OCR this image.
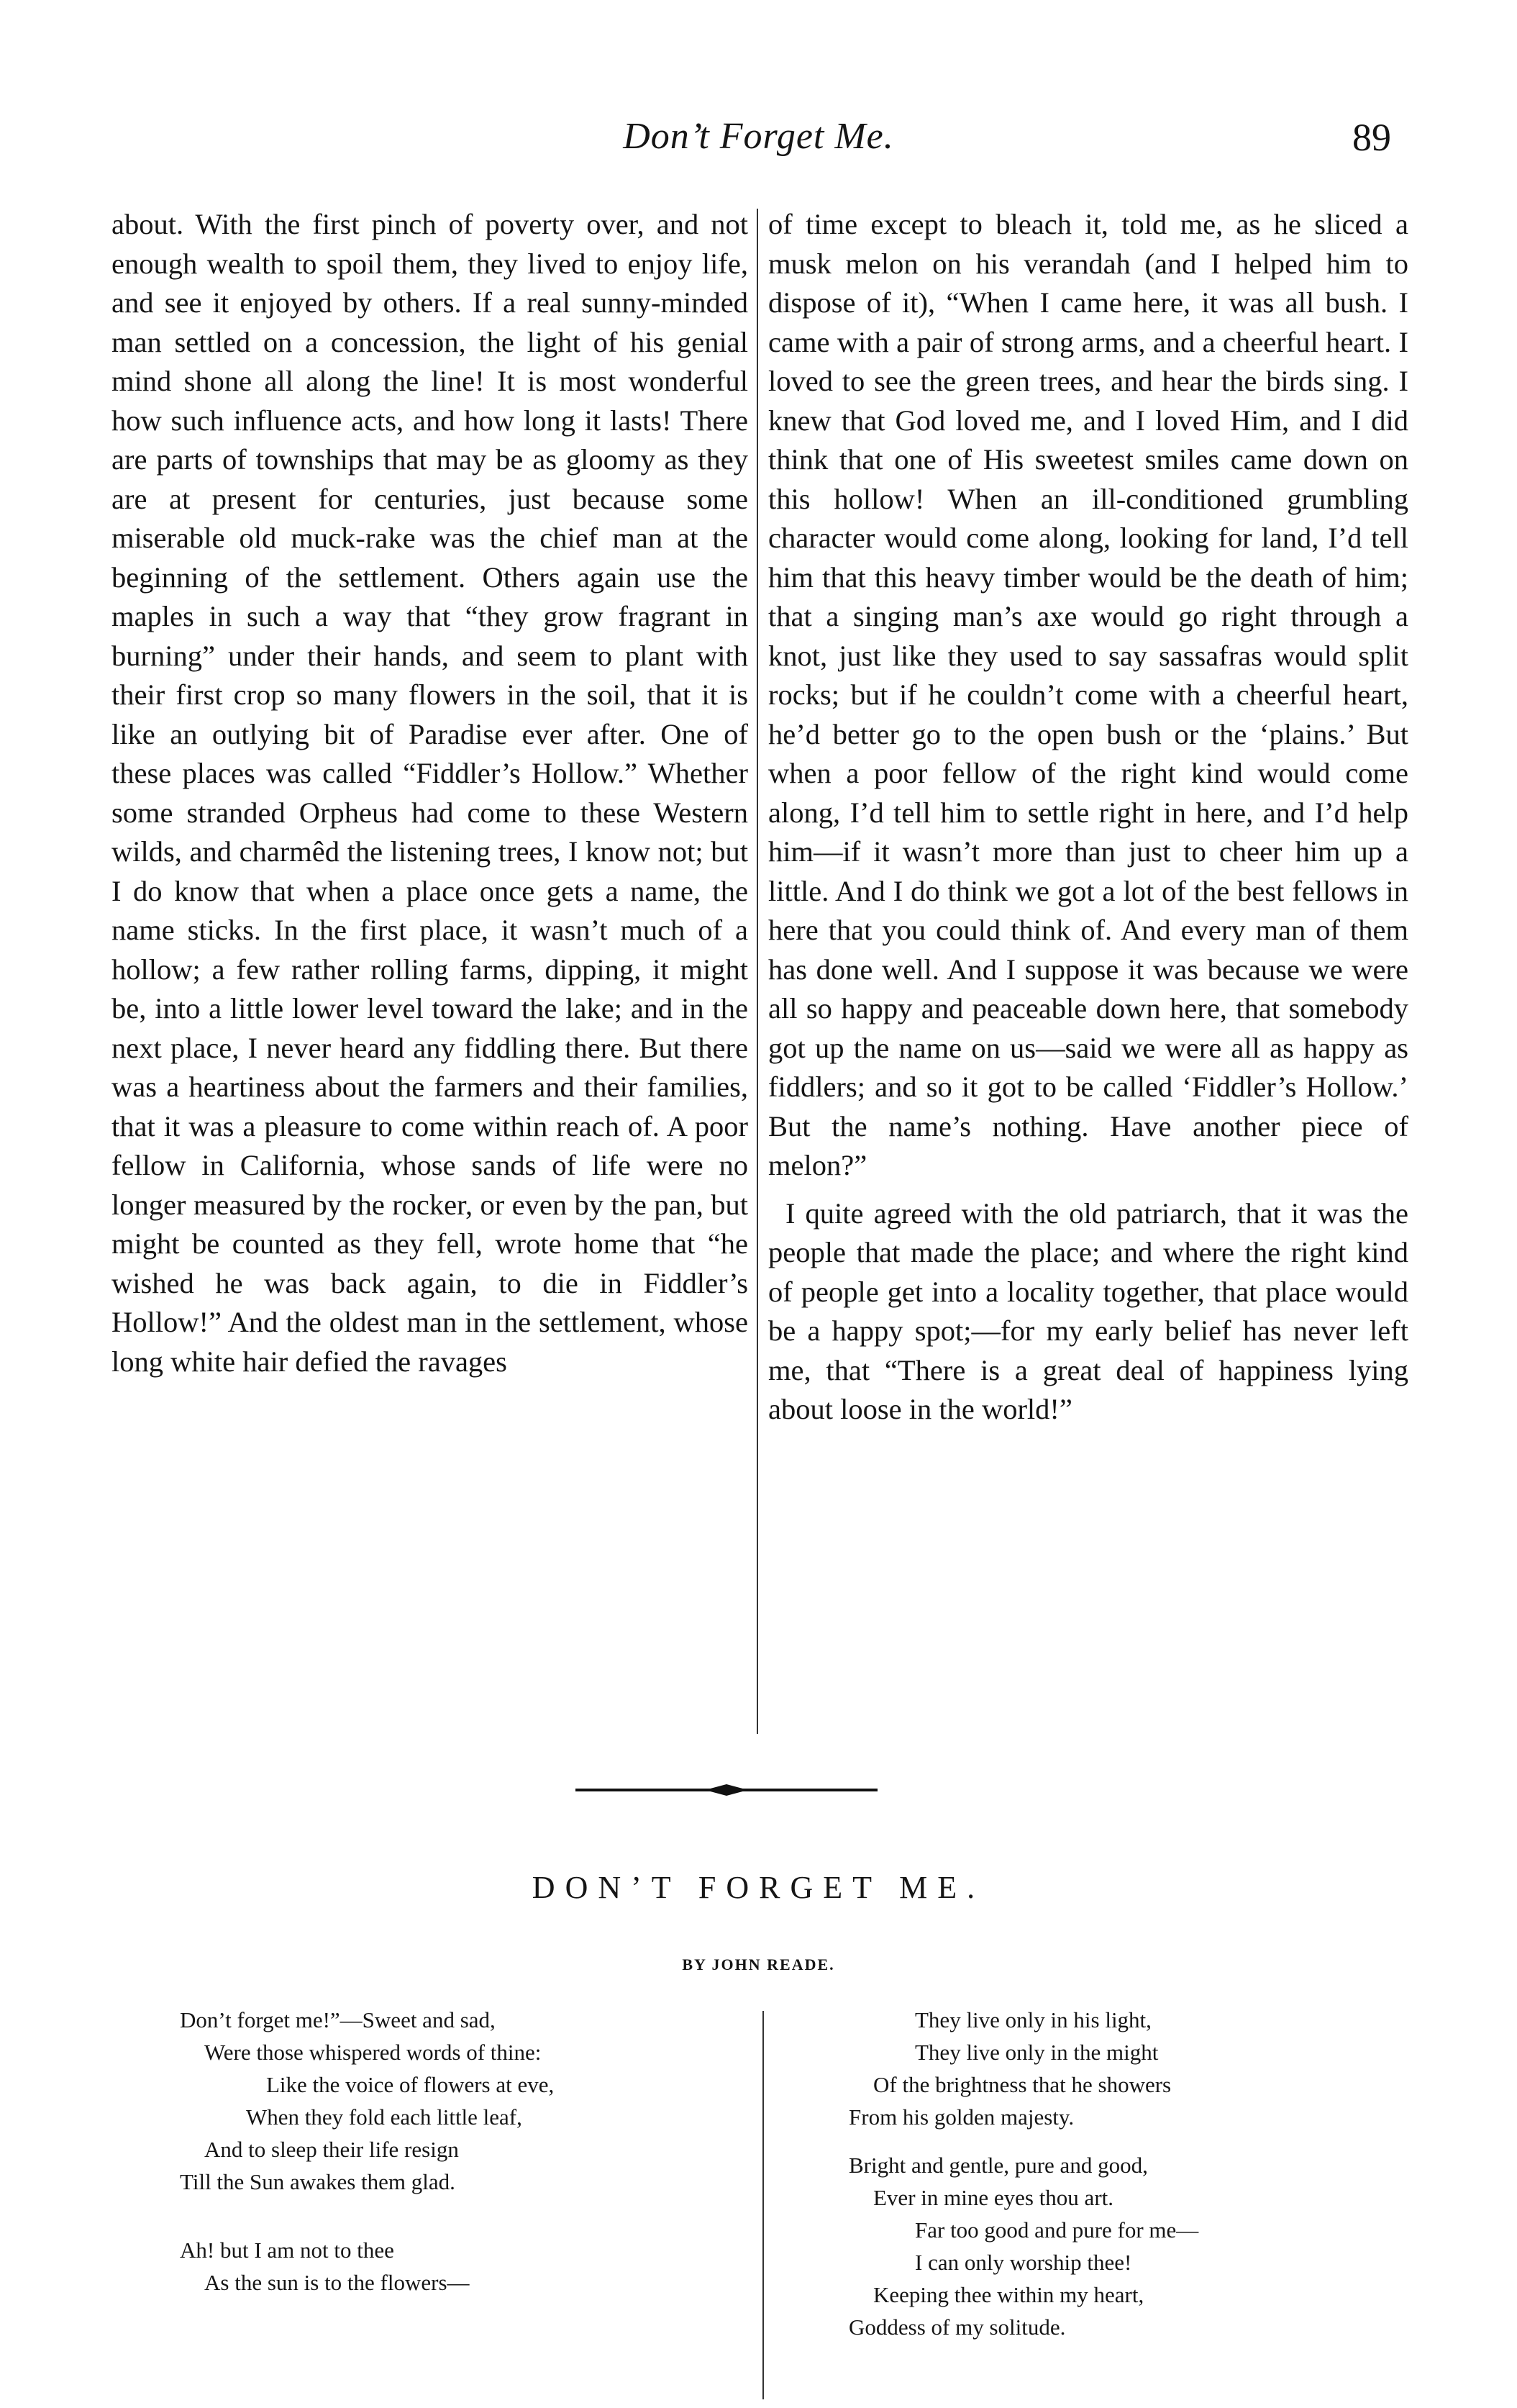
Don’t Forget Me.	89

about. With the first pinch of poverty over, and not enough wealth to spoil them, they lived to enjoy life, and see it enjoyed by others. If a real sunny-minded man settled on a concession, the light of his genial mind shone all along the line! It is most wonderful how such influence acts, and how long it lasts! There are parts of townships that may be as gloomy as they are at present for centuries, just because some miserable old muck-rake was the chief man at the beginning of the settlement. Others again use the maples in such a way that “they grow fragrant in burning” under their hands, and seem to plant with their first crop so many flowers in the soil, that it is like an outlying bit of Paradise ever after. One of these places was called “Fiddler’s Hollow.” Whether some stranded Orpheus had come to these Western wilds, and charmêd the listening trees, I know not; but I do know that when a place once gets a name, the name sticks. In the first place, it wasn’t much of a hollow; a few rather rolling farms, dipping, it might be, into a little lower level toward the lake; and in the next place, I never heard any fiddling there. But there was a heartiness about the farmers and their families, that it was a pleasure to come within reach of. A poor fellow in California, whose sands of life were no longer measured by the rocker, or even by the pan, but might be counted as they fell, wrote home that “he wished he was back again, to die in Fiddler’s Hollow!” And the oldest man in the settlement, whose long white hair defied the ravages

of time except to bleach it, told me, as he sliced a musk melon on his verandah (and I helped him to dispose of it), “When I came here, it was all bush. I came with a pair of strong arms, and a cheerful heart. I loved to see the green trees, and hear the birds sing. I knew that God loved me, and I loved Him, and I did think that one of His sweetest smiles came down on this hollow! When an ill-conditioned grumbling character would come along, looking for land, I’d tell him that this heavy timber would be the death of him; that a singing man’s axe would go right through a knot, just like they used to say sassafras would split rocks; but if he couldn’t come with a cheerful heart, he’d better go to the open bush or the ‘plains.’ But when a poor fellow of the right kind would come along, I’d tell him to settle right in here, and I’d help him—if it wasn’t more than just to cheer him up a little. And I do think we got a lot of the best fellows in here that you could think of. And every man of them has done well. And I suppose it was because we were all so happy and peaceable down here, that somebody got up the name on us—said we were all as happy as fiddlers; and so it got to be called ‘Fiddler’s Hollow.’ But the name’s nothing. Have another piece of melon?”

I quite agreed with the old patriarch, that it was the people that made the place; and where the right kind of people get into a locality together, that place would be a happy spot;—for my early belief has never left me, that “There is a great deal of happiness lying about loose in the world!”

DON’T FORGET ME.
BY JOHN READE.
Don’t forget me!”—Sweet and sad,
Were those whispered words of thine:
Like the voice of flowers at eve,
When they fold each little leaf,
And to sleep their life resign
Till the Sun awakes them glad.
Ah! but I am not to thee
As the sun is to the flowers—
They live only in his light,
They live only in the might
Of the brightness that he showers
From his golden majesty.
Bright and gentle, pure and good,
Ever in mine eyes thou art.
Far too good and pure for me—
I can only worship thee!
Keeping thee within my heart,
Goddess of my solitude.
